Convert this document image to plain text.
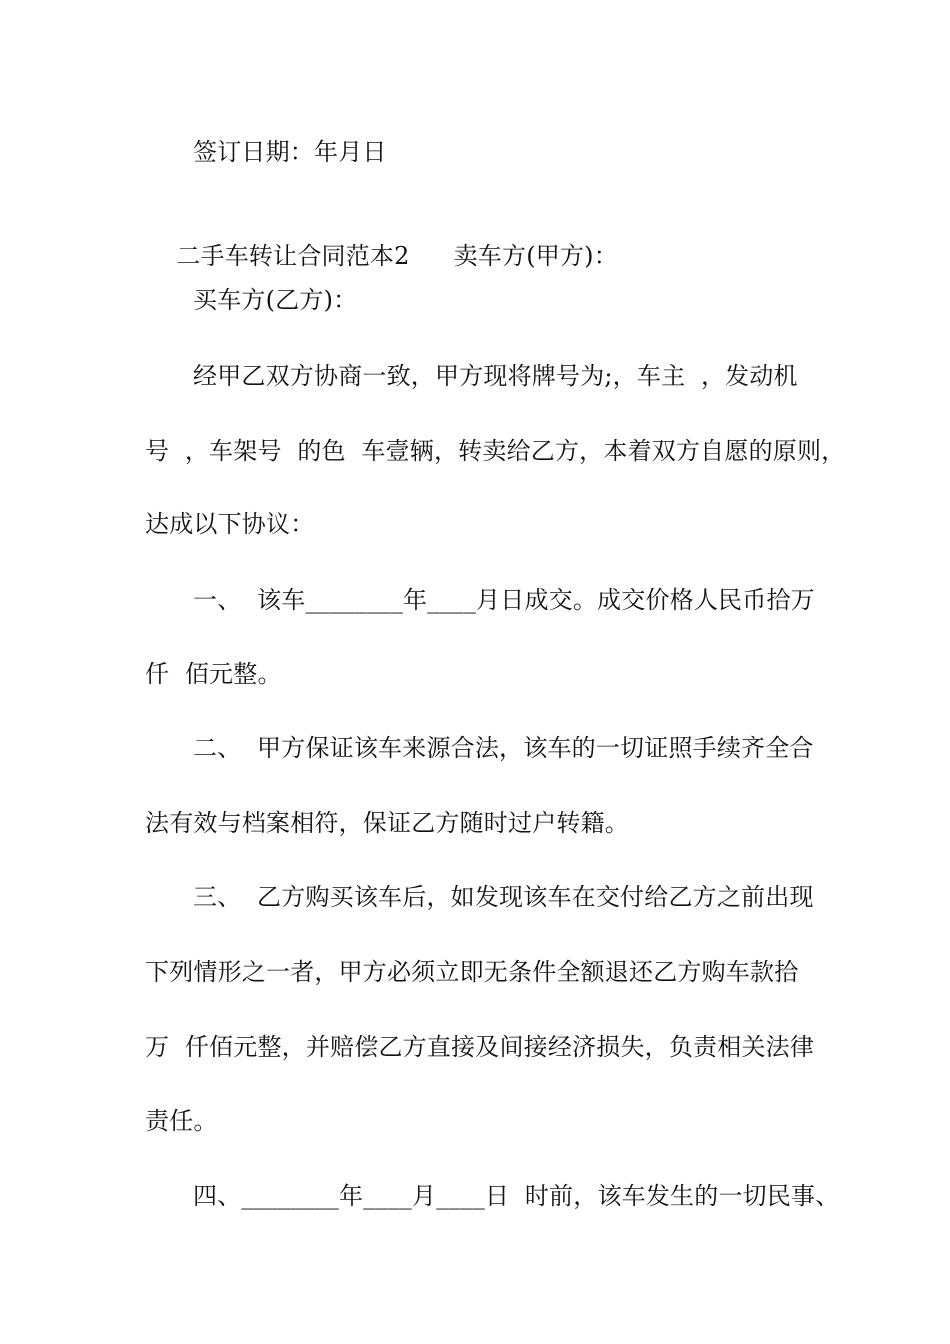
签订日期：年月日

二手车转让合同范本2 卖车方(甲方)：

买车方(乙方)：
经甲乙双方协商一致，甲方现将牌号为;，车主  ，发动机
号  ，车架号  的色  车壹辆，转卖给乙方，本着双方自愿的原则，
达成以下协议：
一、  该车________年____月日成交。成交价格人民币拾万
仟  佰元整。
二、  甲方保证该车来源合法，该车的一切证照手续齐全合
法有效与档案相符，保证乙方随时过户转籍。
三、  乙方购买该车后，如发现该车在交付给乙方之前出现
下列情形之一者，甲方必须立即无条件全额退还乙方购车款拾
万  仟佰元整，并赔偿乙方直接及间接经济损失，负责相关法律
责任。
四、________年____月____日  时前，该车发生的一切民事、
